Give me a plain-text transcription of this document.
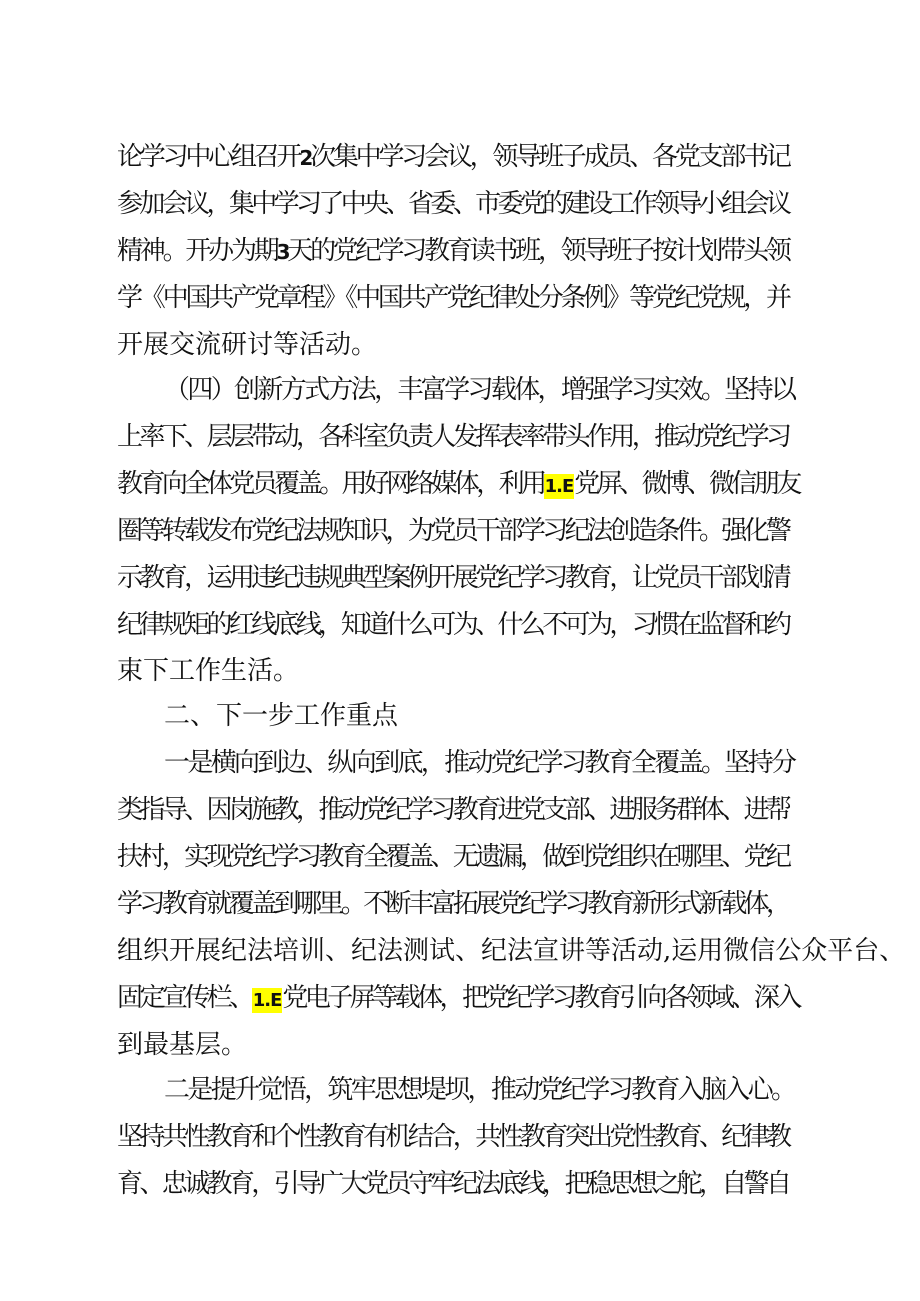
论学习中心组召开2次集中学习会议，领导班子成员、各党支部书记
参加会议，集中学习了中央、省委、市委党的建设工作领导小组会议
精神。开办为期3天的党纪学习教育读书班，领导班子按计划带头领
学《中国共产党章程》《中国共产党纪律处分条例》等党纪党规，并
开展交流研讨等活动。
（四）创新方式方法，丰富学习载体，增强学习实效。坚持以
上率下、层层带动，各科室负责人发挥表率带头作用，推动党纪学习
教育向全体党员覆盖。用好网络媒体，利用1.E党屏、微博、微信朋友
圈等转载发布党纪法规知识，为党员干部学习纪法创造条件。强化警
示教育，运用违纪违规典型案例开展党纪学习教育，让党员干部划清
纪律规矩的红线底线，知道什么可为、什么不可为，习惯在监督和约
束下工作生活。
二、下一步工作重点
一是横向到边、纵向到底，推动党纪学习教育全覆盖。坚持分
类指导、因岗施教，推动党纪学习教育进党支部、进服务群体、进帮
扶村，实现党纪学习教育全覆盖、无遗漏，做到党组织在哪里、党纪
学习教育就覆盖到哪里。不断丰富拓展党纪学习教育新形式新载体，
组织开展纪法培训、纪法测试、纪法宣讲等活动,运用微信公众平台、
固定宣传栏、1.E党电子屏等载体，把党纪学习教育引向各领域、深入
到最基层。
二是提升觉悟，筑牢思想堤坝，推动党纪学习教育入脑入心。
坚持共性教育和个性教育有机结合，共性教育突出党性教育、纪律教
育、忠诚教育，引导广大党员守牢纪法底线，把稳思想之舵，自警自
